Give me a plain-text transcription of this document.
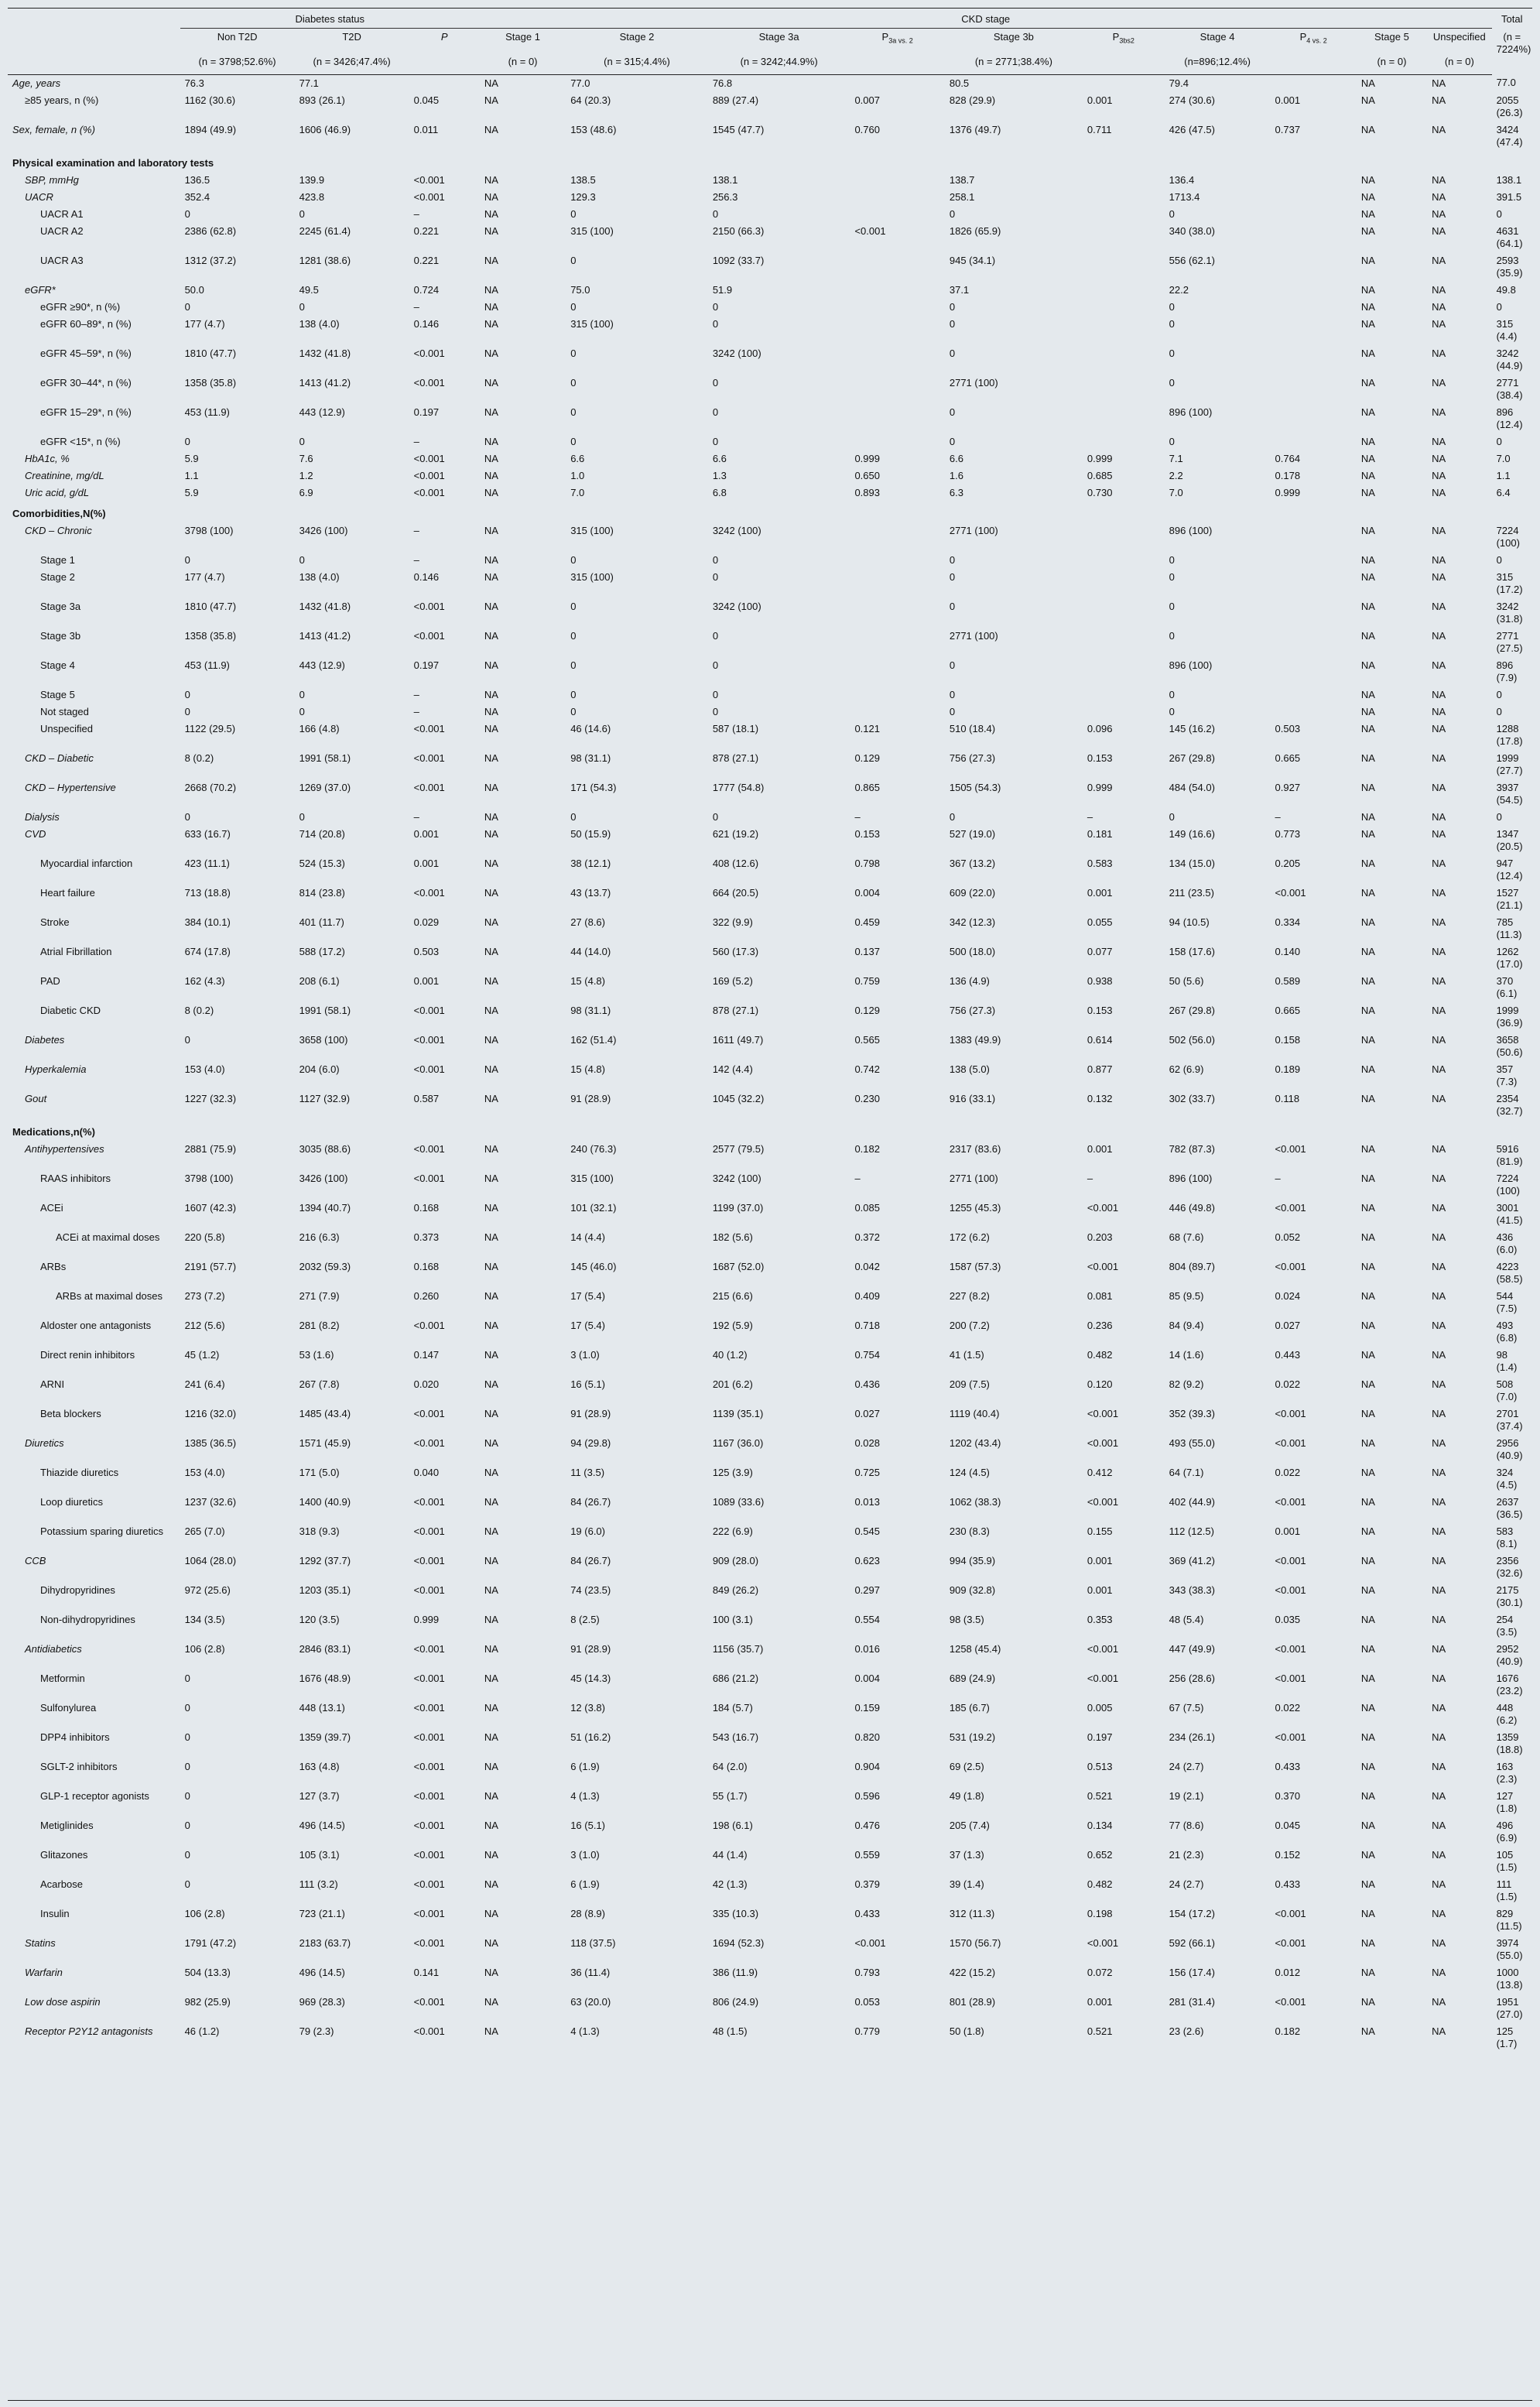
	Diabetes status			CKD stage										Total
	Non T2D	T2D	P	Stage 1	Stage 2	Stage 3a	$P_{3a vs. 2}$	Stage 3b	$P_{3bs2}$	Stage 4	$P_{4 vs. 2}$	Stage 5	Unspecified	(n = 7224%)
	(n = 3798;52.6%)	(n = 3426;47.4%)		(n = 0)	(n = 315;4.4%)	(n = 3242;44.9%)		(n = 2771;38.4%)		(n=896;12.4%)		(n = 0)	(n = 0)	
Age, years	76.3	77.1		NA	77.0	76.8		80.5		79.4		NA	NA	77.0
≥85 years, n (%)	1162 (30.6)	893 (26.1)	0.045	NA	64 (20.3)	889 (27.4)	0.007	828 (29.9)	0.001	274 (30.6)	0.001	NA	NA	2055 (26.3)
Sex, female, n (%)	1894 (49.9)	1606 (46.9)	0.011	NA	153 (48.6)	1545 (47.7)	0.760	1376 (49.7)	0.711	426 (47.5)	0.737	NA	NA	3424 (47.4)
Physical examination and laboratory tests														
SBP, mmHg	136.5	139.9	<0.001	NA	138.5	138.1		138.7		136.4		NA	NA	138.1
UACR	352.4	423.8	<0.001	NA	129.3	256.3		258.1		1713.4		NA	NA	391.5
UACR A1	0	0	–	NA	0	0		0		0		NA	NA	0
UACR A2	2386 (62.8)	2245 (61.4)	0.221	NA	315 (100)	2150 (66.3)	<0.001	1826 (65.9)		340 (38.0)		NA	NA	4631 (64.1)
UACR A3	1312 (37.2)	1281 (38.6)	0.221	NA	0	1092 (33.7)		945 (34.1)		556 (62.1)		NA	NA	2593 (35.9)
eGFR*	50.0	49.5	0.724	NA	75.0	51.9		37.1		22.2		NA	NA	49.8
eGFR ≥90*, n (%)	0	0	–	NA	0	0		0		0		NA	NA	0
eGFR 60–89*, n (%)	177 (4.7)	138 (4.0)	0.146	NA	315 (100)	0		0		0		NA	NA	315 (4.4)
eGFR 45–59*, n (%)	1810 (47.7)	1432 (41.8)	<0.001	NA	0	3242 (100)		0		0		NA	NA	3242 (44.9)
eGFR 30–44*, n (%)	1358 (35.8)	1413 (41.2)	<0.001	NA	0	0		2771 (100)		0		NA	NA	2771 (38.4)
eGFR 15–29*, n (%)	453 (11.9)	443 (12.9)	0.197	NA	0	0		0		896 (100)		NA	NA	896 (12.4)
eGFR <15*, n (%)	0	0	–	NA	0	0		0		0		NA	NA	0
HbA1c, %	5.9	7.6	<0.001	NA	6.6	6.6	0.999	6.6	0.999	7.1	0.764	NA	NA	7.0
Creatinine, mg/dL	1.1	1.2	<0.001	NA	1.0	1.3	0.650	1.6	0.685	2.2	0.178	NA	NA	1.1
Uric acid, g/dL	5.9	6.9	<0.001	NA	7.0	6.8	0.893	6.3	0.730	7.0	0.999	NA	NA	6.4
Comorbidities,N(%)														
CKD – Chronic	3798 (100)	3426 (100)	–	NA	315 (100)	3242 (100)		2771 (100)		896 (100)		NA	NA	7224 (100)
Stage 1	0	0	–	NA	0	0		0		0		NA	NA	0
Stage 2	177 (4.7)	138 (4.0)	0.146	NA	315 (100)	0		0		0		NA	NA	315 (17.2)
Stage 3a	1810 (47.7)	1432 (41.8)	<0.001	NA	0	3242 (100)		0		0		NA	NA	3242 (31.8)
Stage 3b	1358 (35.8)	1413 (41.2)	<0.001	NA	0	0		2771 (100)		0		NA	NA	2771 (27.5)
Stage 4	453 (11.9)	443 (12.9)	0.197	NA	0	0		0		896 (100)		NA	NA	896 (7.9)
Stage 5	0	0	–	NA	0	0		0		0		NA	NA	0
Not staged	0	0	–	NA	0	0		0		0		NA	NA	0
Unspecified	1122 (29.5)	166 (4.8)	<0.001	NA	46 (14.6)	587 (18.1)	0.121	510 (18.4)	0.096	145 (16.2)	0.503	NA	NA	1288 (17.8)
CKD – Diabetic	8 (0.2)	1991 (58.1)	<0.001	NA	98 (31.1)	878 (27.1)	0.129	756 (27.3)	0.153	267 (29.8)	0.665	NA	NA	1999 (27.7)
CKD – Hypertensive	2668 (70.2)	1269 (37.0)	<0.001	NA	171 (54.3)	1777 (54.8)	0.865	1505 (54.3)	0.999	484 (54.0)	0.927	NA	NA	3937 (54.5)
Dialysis	0	0	–	NA	0	0	–	0	–	0	–	NA	NA	0
CVD	633 (16.7)	714 (20.8)	0.001	NA	50 (15.9)	621 (19.2)	0.153	527 (19.0)	0.181	149 (16.6)	0.773	NA	NA	1347 (20.5)
Myocardial infarction	423 (11.1)	524 (15.3)	0.001	NA	38 (12.1)	408 (12.6)	0.798	367 (13.2)	0.583	134 (15.0)	0.205	NA	NA	947 (12.4)
Heart failure	713 (18.8)	814 (23.8)	<0.001	NA	43 (13.7)	664 (20.5)	0.004	609 (22.0)	0.001	211 (23.5)	<0.001	NA	NA	1527 (21.1)
Stroke	384 (10.1)	401 (11.7)	0.029	NA	27 (8.6)	322 (9.9)	0.459	342 (12.3)	0.055	94 (10.5)	0.334	NA	NA	785 (11.3)
Atrial Fibrillation	674 (17.8)	588 (17.2)	0.503	NA	44 (14.0)	560 (17.3)	0.137	500 (18.0)	0.077	158 (17.6)	0.140	NA	NA	1262 (17.0)
PAD	162 (4.3)	208 (6.1)	0.001	NA	15 (4.8)	169 (5.2)	0.759	136 (4.9)	0.938	50 (5.6)	0.589	NA	NA	370 (6.1)
Diabetic CKD	8 (0.2)	1991 (58.1)	<0.001	NA	98 (31.1)	878 (27.1)	0.129	756 (27.3)	0.153	267 (29.8)	0.665	NA	NA	1999 (36.9)
Diabetes	0	3658 (100)	<0.001	NA	162 (51.4)	1611 (49.7)	0.565	1383 (49.9)	0.614	502 (56.0)	0.158	NA	NA	3658 (50.6)
Hyperkalemia	153 (4.0)	204 (6.0)	<0.001	NA	15 (4.8)	142 (4.4)	0.742	138 (5.0)	0.877	62 (6.9)	0.189	NA	NA	357 (7.3)
Gout	1227 (32.3)	1127 (32.9)	0.587	NA	91 (28.9)	1045 (32.2)	0.230	916 (33.1)	0.132	302 (33.7)	0.118	NA	NA	2354 (32.7)
Medications,n(%)														
Antihypertensives	2881 (75.9)	3035 (88.6)	<0.001	NA	240 (76.3)	2577 (79.5)	0.182	2317 (83.6)	0.001	782 (87.3)	<0.001	NA	NA	5916 (81.9)
RAAS inhibitors	3798 (100)	3426 (100)	<0.001	NA	315 (100)	3242 (100)	–	2771 (100)	–	896 (100)	–	NA	NA	7224 (100)
ACEi	1607 (42.3)	1394 (40.7)	0.168	NA	101 (32.1)	1199 (37.0)	0.085	1255 (45.3)	<0.001	446 (49.8)	<0.001	NA	NA	3001 (41.5)
ACEi at maximal doses	220 (5.8)	216 (6.3)	0.373	NA	14 (4.4)	182 (5.6)	0.372	172 (6.2)	0.203	68 (7.6)	0.052	NA	NA	436 (6.0)
ARBs	2191 (57.7)	2032 (59.3)	0.168	NA	145 (46.0)	1687 (52.0)	0.042	1587 (57.3)	<0.001	804 (89.7)	<0.001	NA	NA	4223 (58.5)
ARBs at maximal doses	273 (7.2)	271 (7.9)	0.260	NA	17 (5.4)	215 (6.6)	0.409	227 (8.2)	0.081	85 (9.5)	0.024	NA	NA	544 (7.5)
Aldoster one antagonists	212 (5.6)	281 (8.2)	<0.001	NA	17 (5.4)	192 (5.9)	0.718	200 (7.2)	0.236	84 (9.4)	0.027	NA	NA	493 (6.8)
Direct renin inhibitors	45 (1.2)	53 (1.6)	0.147	NA	3 (1.0)	40 (1.2)	0.754	41 (1.5)	0.482	14 (1.6)	0.443	NA	NA	98 (1.4)
ARNI	241 (6.4)	267 (7.8)	0.020	NA	16 (5.1)	201 (6.2)	0.436	209 (7.5)	0.120	82 (9.2)	0.022	NA	NA	508 (7.0)
Beta blockers	1216 (32.0)	1485 (43.4)	<0.001	NA	91 (28.9)	1139 (35.1)	0.027	1119 (40.4)	<0.001	352 (39.3)	<0.001	NA	NA	2701 (37.4)
Diuretics	1385 (36.5)	1571 (45.9)	<0.001	NA	94 (29.8)	1167 (36.0)	0.028	1202 (43.4)	<0.001	493 (55.0)	<0.001	NA	NA	2956 (40.9)
Thiazide diuretics	153 (4.0)	171 (5.0)	0.040	NA	11 (3.5)	125 (3.9)	0.725	124 (4.5)	0.412	64 (7.1)	0.022	NA	NA	324 (4.5)
Loop diuretics	1237 (32.6)	1400 (40.9)	<0.001	NA	84 (26.7)	1089 (33.6)	0.013	1062 (38.3)	<0.001	402 (44.9)	<0.001	NA	NA	2637 (36.5)
Potassium sparing diuretics	265 (7.0)	318 (9.3)	<0.001	NA	19 (6.0)	222 (6.9)	0.545	230 (8.3)	0.155	112 (12.5)	0.001	NA	NA	583 (8.1)
CCB	1064 (28.0)	1292 (37.7)	<0.001	NA	84 (26.7)	909 (28.0)	0.623	994 (35.9)	0.001	369 (41.2)	<0.001	NA	NA	2356 (32.6)
Dihydropyridines	972 (25.6)	1203 (35.1)	<0.001	NA	74 (23.5)	849 (26.2)	0.297	909 (32.8)	0.001	343 (38.3)	<0.001	NA	NA	2175 (30.1)
Non-dihydropyridines	134 (3.5)	120 (3.5)	0.999	NA	8 (2.5)	100 (3.1)	0.554	98 (3.5)	0.353	48 (5.4)	0.035	NA	NA	254 (3.5)
Antidiabetics	106 (2.8)	2846 (83.1)	<0.001	NA	91 (28.9)	1156 (35.7)	0.016	1258 (45.4)	<0.001	447 (49.9)	<0.001	NA	NA	2952 (40.9)
Metformin	0	1676 (48.9)	<0.001	NA	45 (14.3)	686 (21.2)	0.004	689 (24.9)	<0.001	256 (28.6)	<0.001	NA	NA	1676 (23.2)
Sulfonylurea	0	448 (13.1)	<0.001	NA	12 (3.8)	184 (5.7)	0.159	185 (6.7)	0.005	67 (7.5)	0.022	NA	NA	448 (6.2)
DPP4 inhibitors	0	1359 (39.7)	<0.001	NA	51 (16.2)	543 (16.7)	0.820	531 (19.2)	0.197	234 (26.1)	<0.001	NA	NA	1359 (18.8)
SGLT-2 inhibitors	0	163 (4.8)	<0.001	NA	6 (1.9)	64 (2.0)	0.904	69 (2.5)	0.513	24 (2.7)	0.433	NA	NA	163 (2.3)
GLP-1 receptor agonists	0	127 (3.7)	<0.001	NA	4 (1.3)	55 (1.7)	0.596	49 (1.8)	0.521	19 (2.1)	0.370	NA	NA	127 (1.8)
Metiglinides	0	496 (14.5)	<0.001	NA	16 (5.1)	198 (6.1)	0.476	205 (7.4)	0.134	77 (8.6)	0.045	NA	NA	496 (6.9)
Glitazones	0	105 (3.1)	<0.001	NA	3 (1.0)	44 (1.4)	0.559	37 (1.3)	0.652	21 (2.3)	0.152	NA	NA	105 (1.5)
Acarbose	0	111 (3.2)	<0.001	NA	6 (1.9)	42 (1.3)	0.379	39 (1.4)	0.482	24 (2.7)	0.433	NA	NA	111 (1.5)
Insulin	106 (2.8)	723 (21.1)	<0.001	NA	28 (8.9)	335 (10.3)	0.433	312 (11.3)	0.198	154 (17.2)	<0.001	NA	NA	829 (11.5)
Statins	1791 (47.2)	2183 (63.7)	<0.001	NA	118 (37.5)	1694 (52.3)	<0.001	1570 (56.7)	<0.001	592 (66.1)	<0.001	NA	NA	3974 (55.0)
Warfarin	504 (13.3)	496 (14.5)	0.141	NA	36 (11.4)	386 (11.9)	0.793	422 (15.2)	0.072	156 (17.4)	0.012	NA	NA	1000 (13.8)
Low dose aspirin	982 (25.9)	969 (28.3)	<0.001	NA	63 (20.0)	806 (24.9)	0.053	801 (28.9)	0.001	281 (31.4)	<0.001	NA	NA	1951 (27.0)
Receptor P2Y12 antagonists	46 (1.2)	79 (2.3)	<0.001	NA	4 (1.3)	48 (1.5)	0.779	50 (1.8)	0.521	23 (2.6)	0.182	NA	NA	125 (1.7)
